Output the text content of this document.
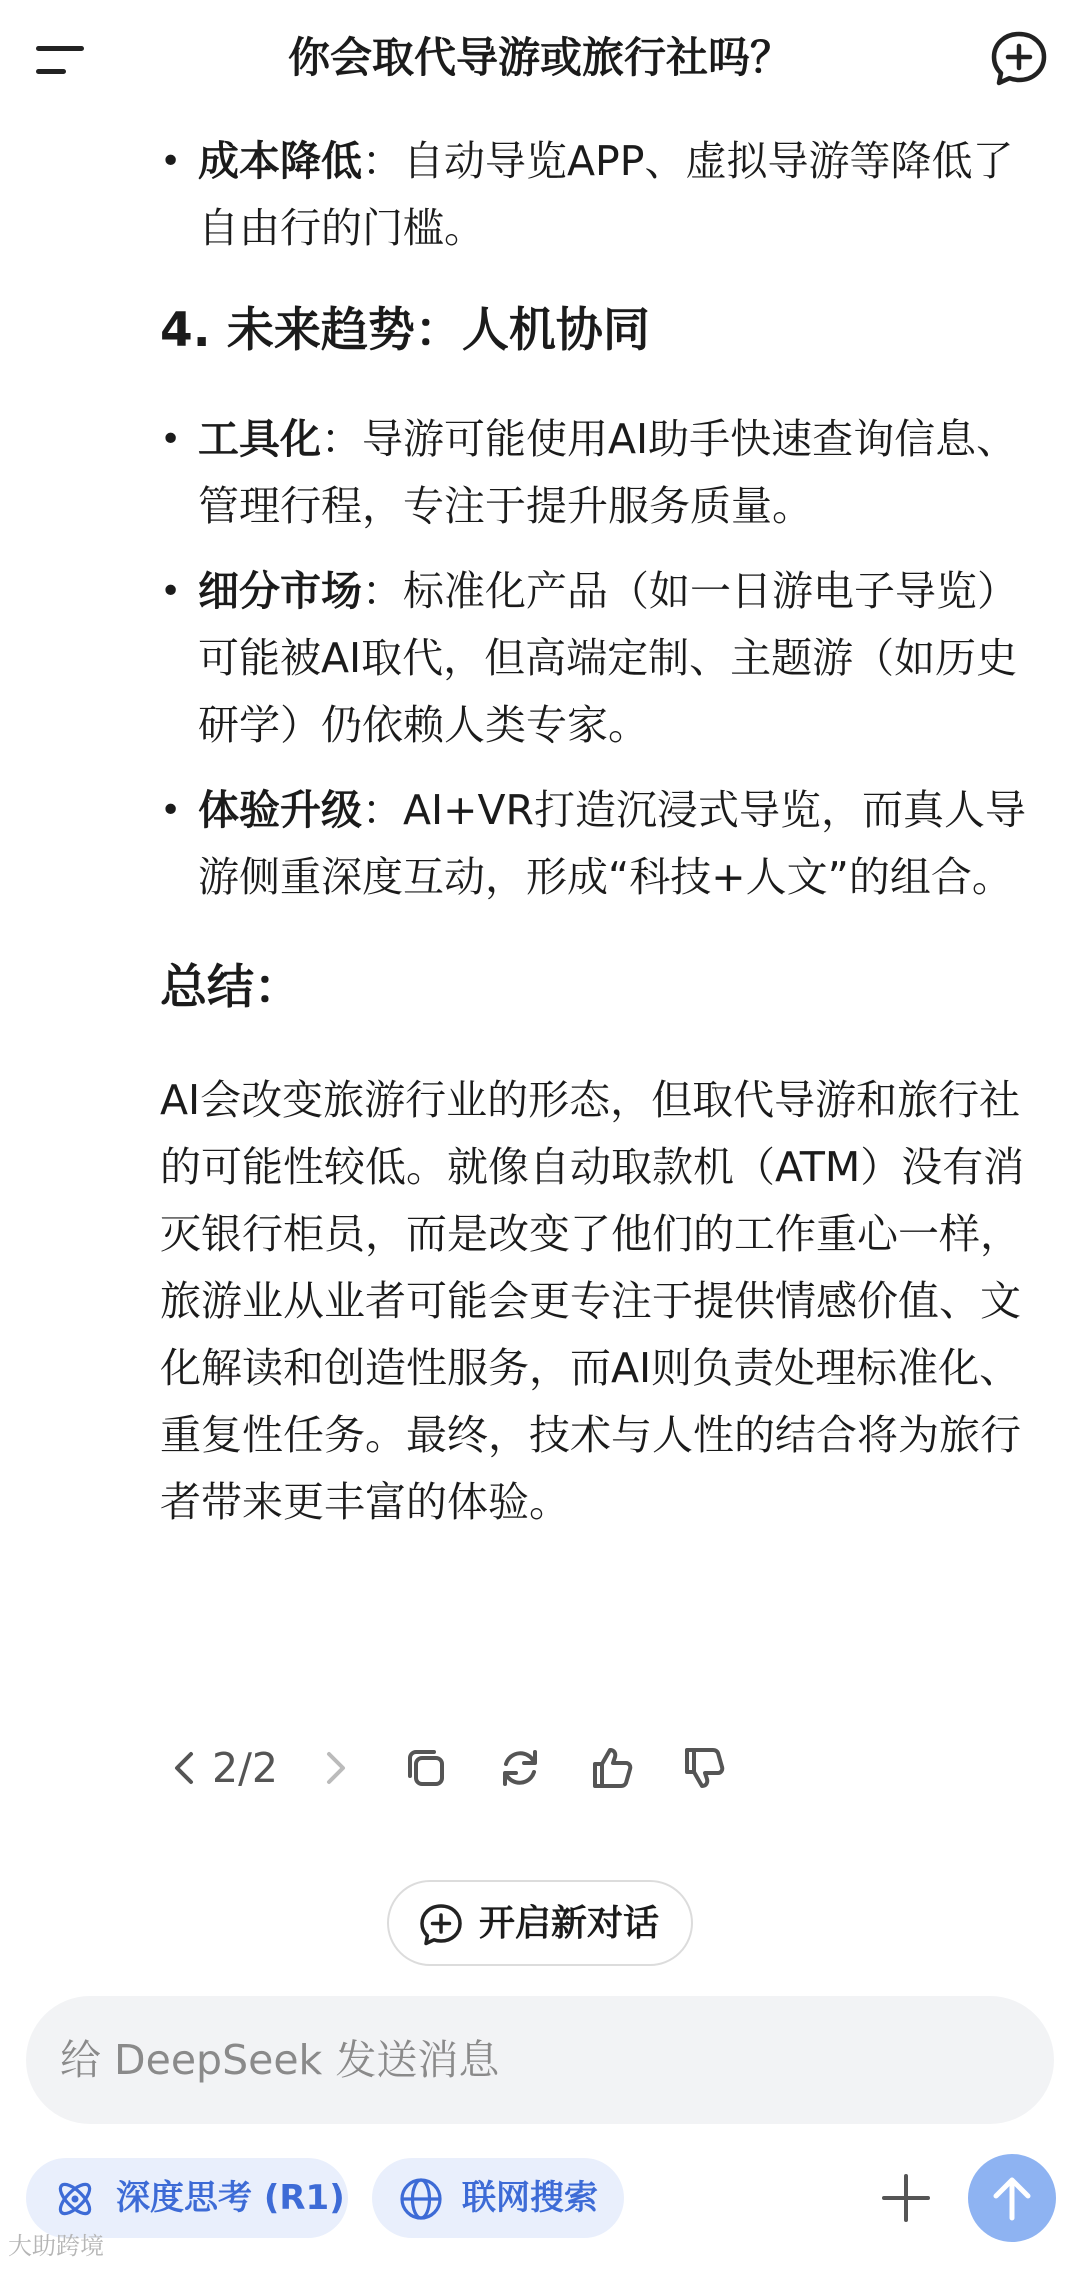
你会取代导游或旅行社吗？
• 成本降低：自动导览APP、虚拟导游等降低了自由行的门槛。
4. 未来趋势：人机协同
• 工具化：导游可能使用AI助手快速查询信息、管理行程，专注于提升服务质量。
• 细分市场：标准化产品（如一日游电子导览）可能被AI取代，但高端定制、主题游（如历史研学）仍依赖人类专家。
• 体验升级：AI+VR打造沉浸式导览，而真人导游侧重深度互动，形成“科技+人文”的组合。
总结：
AI会改变旅游行业的形态，但取代导游和旅行社的可能性较低。就像自动取款机（ATM）没有消灭银行柜员，而是改变了他们的工作重心一样，旅游业从业者可能会更专注于提供情感价值、文化解读和创造性服务，而AI则负责处理标准化、重复性任务。最终，技术与人性的结合将为旅行者带来更丰富的体验。
2/2
开启新对话
给 DeepSeek 发送消息
深度思考 (R1)	联网搜索
大助跨境
